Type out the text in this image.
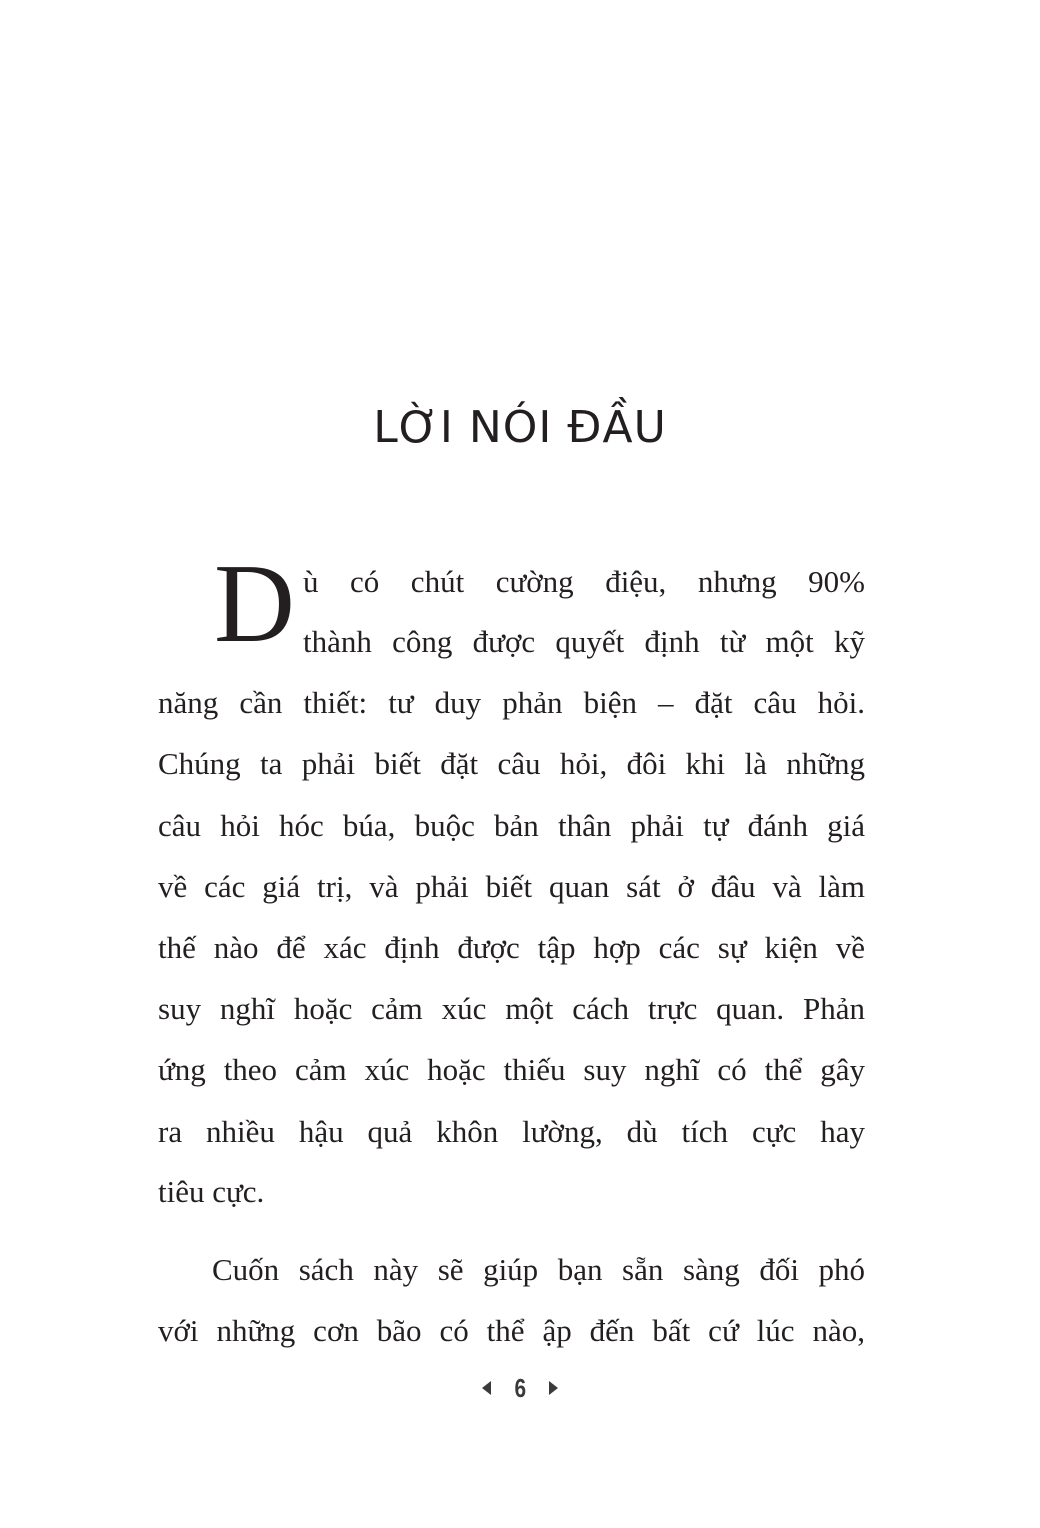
LỜI NÓI ĐẦU
D ù có chút cường điệu, nhưng 90%
thành công được quyết định từ một kỹ
năng cần thiết: tư duy phản biện – đặt câu hỏi.
Chúng ta phải biết đặt câu hỏi, đôi khi là những
câu hỏi hóc búa, buộc bản thân phải tự đánh giá
về các giá trị, và phải biết quan sát ở đâu và làm
thế nào để xác định được tập hợp các sự kiện về
suy nghĩ hoặc cảm xúc một cách trực quan. Phản
ứng theo cảm xúc hoặc thiếu suy nghĩ có thể gây
ra nhiều hậu quả khôn lường, dù tích cực hay
tiêu cực.
Cuốn sách này sẽ giúp bạn sẵn sàng đối phó
với những cơn bão có thể ập đến bất cứ lúc nào,
6
